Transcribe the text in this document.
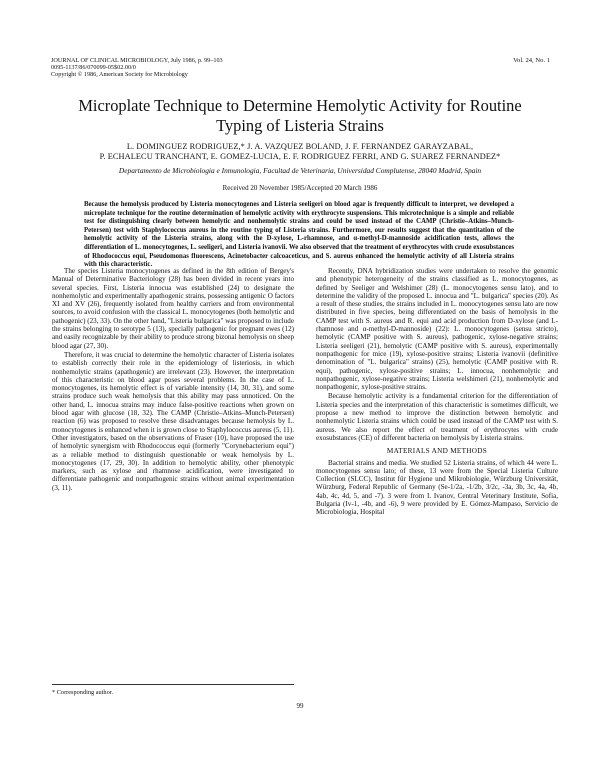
JOURNAL OF CLINICAL MICROBIOLOGY, July 1986, p. 99–103
0095-1137/86/070099-05$02.00/0
Copyright © 1986, American Society for Microbiology
Vol. 24, No. 1
Microplate Technique to Determine Hemolytic Activity for Routine
Typing of Listeria Strains
L. DOMINGUEZ RODRIGUEZ,* J. A. VAZQUEZ BOLAND, J. F. FERNANDEZ GARAYZABAL,
P. ECHALECU TRANCHANT, E. GOMEZ-LUCIA, E. F. RODRIGUEZ FERRI, AND G. SUAREZ FERNANDEZ*
Departamento de Microbiologia e Inmunologia, Facultad de Veterinaria, Universidad Complutense, 28040 Madrid, Spain
Received 20 November 1985/Accepted 20 March 1986
Because the hemolysis produced by Listeria monocytogenes and Listeria seeligeri on blood agar is frequently difficult to interpret, we developed a microplate technique for the routine determination of hemolytic activity with erythrocyte suspensions. This microtechnique is a simple and reliable test for distinguishing clearly between hemolytic and nonhemolytic strains and could be used instead of the CAMP (Christie–Atkins–Munch-Petersen) test with Staphylococcus aureus in the routine typing of Listeria strains. Furthermore, our results suggest that the quantitation of the hemolytic activity of the Listeria strains, along with the D-xylose, L-rhamnose, and α-methyl-D-mannoside acidification tests, allows the differentiation of L. monocytogenes, L. seeligeri, and Listeria ivanovii. We also observed that the treatment of erythrocytes with crude exosubstances of Rhodococcus equi, Pseudomonas fluorescens, Acinetobacter calcoaceticus, and S. aureus enhanced the hemolytic activity of all Listeria strains with this characteristic.

The species Listeria monocytogenes as defined in the 8th edition of Bergey's Manual of Determinative Bacteriology (28) has been divided in recent years into several species. First, Listeria innocua was established (24) to designate the nonhemolytic and experimentally apathogenic strains, possessing antigenic O factors XI and XV (26), frequently isolated from healthy carriers and from environmental sources, to avoid confusion with the classical L. monocytogenes (both hemolytic and pathogenic) (23, 33). On the other hand, "Listeria bulgarica" was proposed to include the strains belonging to serotype 5 (13), specially pathogenic for pregnant ewes (12) and easily recognizable by their ability to produce strong bizonal hemolysis on sheep blood agar (27, 30).

Therefore, it was crucial to determine the hemolytic character of Listeria isolates to establish correctly their role in the epidemiology of listeriosis, in which nonhemolytic strains (apathogenic) are irrelevant (23). However, the interpretation of this characteristic on blood agar poses several problems. In the case of L. monocytogenes, its hemolytic effect is of variable intensity (14, 30, 31), and some strains produce such weak hemolysis that this ability may pass unnoticed. On the other hand, L. innocua strains may induce false-positive reactions when grown on blood agar with glucose (18, 32). The CAMP (Christie–Atkins–Munch-Petersen) reaction (6) was proposed to resolve these disadvantages because hemolysis by L. monocytogenes is enhanced when it is grown close to Staphylococcus aureus (5, 11). Other investigators, based on the observations of Fraser (10), have proposed the use of hemolytic synergism with Rhodococcus equi (formerly "Corynebacterium equi") as a reliable method to distinguish questionable or weak hemolysis by L. monocytogenes (17, 29, 30). In addition to hemolytic ability, other phenotypic markers, such as xylose and rhamnose acidification, were investigated to differentiate pathogenic and nonpathogenic strains without animal experimentation (3, 11).

Recently, DNA hybridization studies were undertaken to resolve the genomic and phenotypic heterogeneity of the strains classified as L. monocytogenes, as defined by Seeliger and Welshimer (28) (L. monocytogenes sensu lato), and to determine the validity of the proposed L. innocua and "L. bulgarica" species (20). As a result of these studies, the strains included in L. monocytogenes sensu lato are now distributed in five species, being differentiated on the basis of hemolysis in the CAMP test with S. aureus and R. equi and acid production from D-xylose (and L-rhamnose and α-methyl-D-mannoside) (22): L. monocytogenes (sensu stricto), hemolytic (CAMP positive with S. aureus), pathogenic, xylose-negative strains; Listeria seeligeri (21), hemolytic (CAMP positive with S. aureus), experimentally nonpathogenic for mice (19), xylose-positive strains; Listeria ivanovii (definitive denomination of "L. bulgarica" strains) (25), hemolytic (CAMP positive with R. equi), pathogenic, xylose-positive strains; L. innocua, nonhemolytic and nonpathogenic, xylose-negative strains; Listeria welshimeri (21), nonhemolytic and nonpathogenic, xylose-positive strains.

Because hemolytic activity is a fundamental criterion for the differentiation of Listeria species and the interpretation of this characteristic is sometimes difficult, we propose a new method to improve the distinction between hemolytic and nonhemolytic Listeria strains which could be used instead of the CAMP test with S. aureus. We also report the effect of treatment of erythrocytes with crude exosubstances (CE) of different bacteria on hemolysis by Listeria strains.

MATERIALS AND METHODS

Bacterial strains and media. We studied 52 Listeria strains, of which 44 were L. monocytogenes sensu lato; of these, 13 were from the Special Listeria Culture Collection (SLCC), Institut für Hygiene und Mikrobiologie, Würzburg Universität, Würzburg, Federal Republic of Germany (Se-1/2a, -1/2b, 3/2c, -3a, 3b, 3c, 4a, 4b, 4ab, 4c, 4d, 5, and -7). 3 were from I. Ivanov, Central Veterinary Institute, Sofia, Bulgaria (Iv-1, -4b, and -6), 9 were provided by E. Gómez-Mampaso, Servicio de Microbiologia, Hospital

* Corresponding author.
99
